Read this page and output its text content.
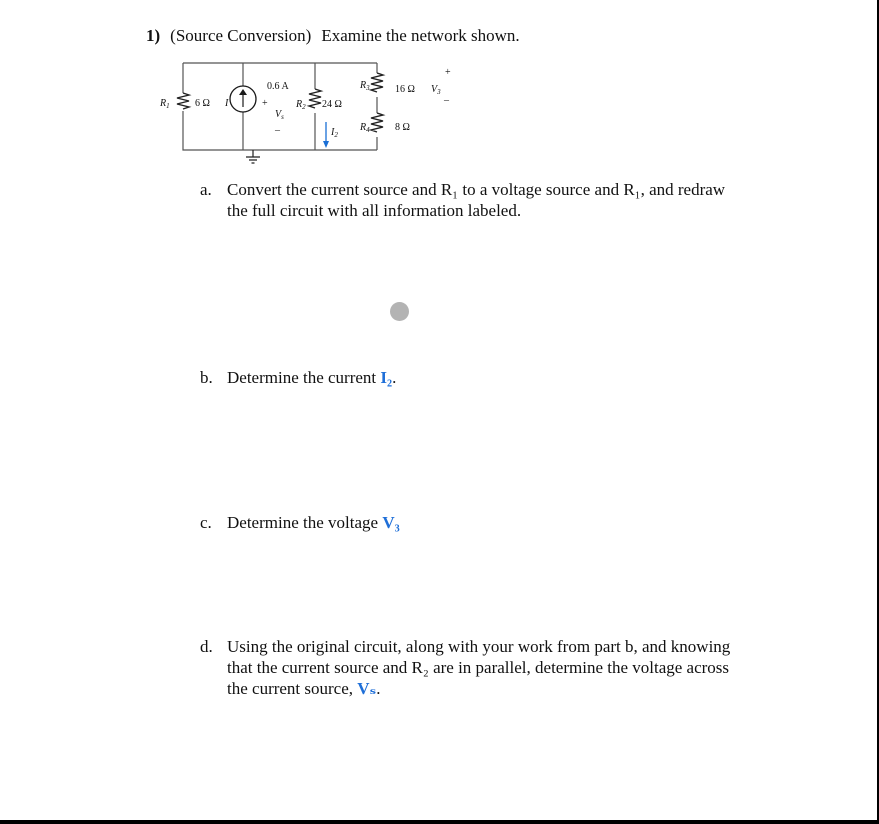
1) (Source Conversion) Examine the network shown.
$R_1$	6 Ω I
0.6 A
+
$V_s$
–
$R_2$ 24 Ω
$I_2$
$R_3$	16 Ω
+
$V_3$
–
$R_4$	8 Ω
a. Convert the current source and R₁ to a voltage source and R₁, and redraw
the full circuit with all information labeled.
b. Determine the current I₂.
c. Determine the voltage V₃
d. Using the original circuit, along with your work from part b, and knowing
that the current source and R₂ are in parallel, determine the voltage across
the current source, Vₛ.
